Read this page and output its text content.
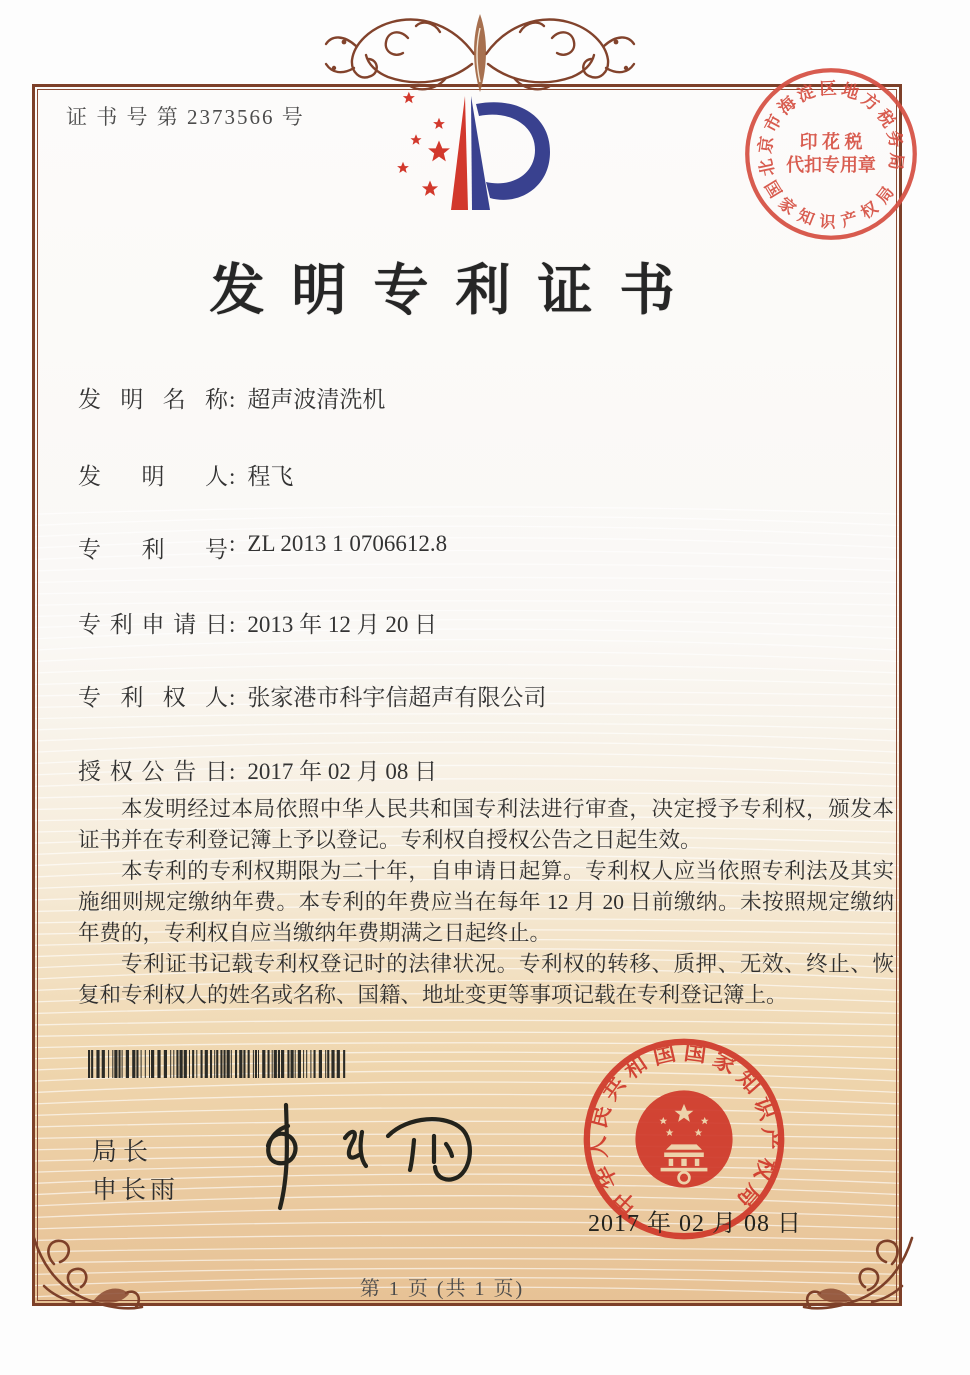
证 书 号 第 2373566 号
北京市海淀区地方税务局
国家知识产权局
印 花 税
代扣专用章
发明专利证书
发明名称: 超声波清洗机
发明人: 程飞
专利号: ZL 2013 1 0706612.8
专利申请日: 2013 年 12 月 20 日
专利权人: 张家港市科宇信超声有限公司
授权公告日: 2017 年 02 月 08 日

本发明经过本局依照中华人民共和国专利法进行审查，决定授予专利权，颁发本证书并在专利登记簿上予以登记。专利权自授权公告之日起生效。

本专利的专利权期限为二十年，自申请日起算。专利权人应当依照专利法及其实施细则规定缴纳年费。本专利的年费应当在每年 12 月 20 日前缴纳。未按照规定缴纳年费的，专利权自应当缴纳年费期满之日起终止。

专利证书记载专利权登记时的法律状况。专利权的转移、质押、无效、终止、恢复和专利权人的姓名或名称、国籍、地址变更等事项记载在专利登记簿上。

局长
申长雨	中华人民共和国国家知识产权局
2017 年 02 月 08 日
第 1 页 (共 1 页)
